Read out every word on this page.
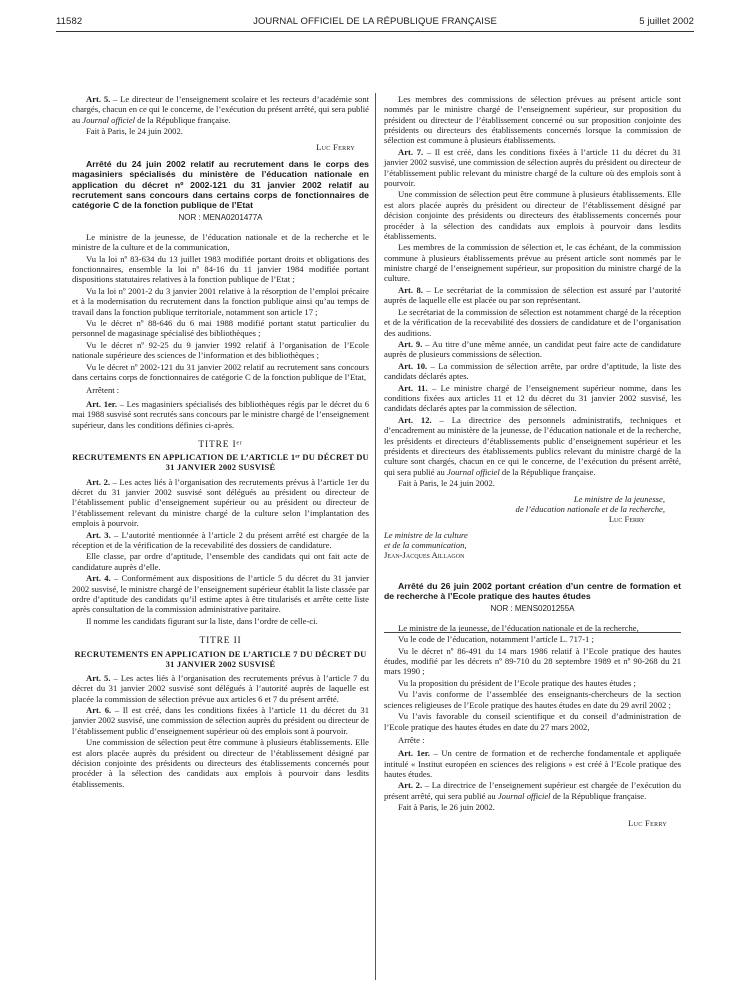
11582	JOURNAL OFFICIEL DE LA RÉPUBLIQUE FRANÇAISE	5 juillet 2002

Art. 5. – Le directeur de l’enseignement scolaire et les recteurs d’académie sont chargés, chacun en ce qui le concerne, de l’exécution du présent arrêté, qui sera publié au Journal officiel de la République française.

Fait à Paris, le 24 juin 2002.

Luc Ferry

Arrêté du 24 juin 2002 relatif au recrutement dans le corps des magasiniers spécialisés du ministère de l’éducation nationale en application du décret nº 2002-121 du 31 janvier 2002 relatif au recrutement sans concours dans certains corps de fonctionnaires de catégorie C de la fonction publique de l’Etat

NOR : MENA0201477A

Le ministre de la jeunesse, de l’éducation nationale et de la recherche et le ministre de la culture et de la communication,

Vu la loi nº 83-634 du 13 juillet 1983 modifiée portant droits et obligations des fonctionnaires, ensemble la loi nº 84-16 du 11 janvier 1984 modifiée portant dispositions statutaires relatives à la fonction publique de l’Etat ;

Vu la loi nº 2001-2 du 3 janvier 2001 relative à la résorption de l’emploi précaire et à la modernisation du recrutement dans la fonction publique ainsi qu’au temps de travail dans la fonction publique territoriale, notamment son article 17 ;

Vu le décret nº 88-646 du 6 mai 1988 modifié portant statut particulier du personnel de magasinage spécialisé des bibliothèques ;

Vu le décret nº 92-25 du 9 janvier 1992 relatif à l’organisation de l’Ecole nationale supérieure des sciences de l’information et des bibliothèques ;

Vu le décret nº 2002-121 du 31 janvier 2002 relatif au recrutement sans concours dans certains corps de fonctionnaires de catégorie C de la fonction publique de l’Etat,

Arrêtent :

Art. 1er. – Les magasiniers spécialisés des bibliothèques régis par le décret du 6 mai 1988 susvisé sont recrutés sans concours par le ministre chargé de l’enseignement supérieur, dans les conditions définies ci-après.

TITRE Iᵉʳ

RECRUTEMENTS EN APPLICATION DE L’ARTICLE 1ᵉʳ DU DÉCRET DU 31 JANVIER 2002 SUSVISÉ

Art. 2. – Les actes liés à l’organisation des recrutements prévus à l’article 1er du décret du 31 janvier 2002 susvisé sont délégués au président ou directeur de l’établissement public d’enseignement supérieur ou au président ou directeur de l’établissement relevant du ministre chargé de la culture selon l’implantation des emplois à pourvoir.

Art. 3. – L’autorité mentionnée à l’article 2 du présent arrêté est chargée de la réception et de la vérification de la recevabilité des dossiers de candidature.

Elle classe, par ordre d’aptitude, l’ensemble des candidats qui ont fait acte de candidature auprès d’elle.

Art. 4. – Conformément aux dispositions de l’article 5 du décret du 31 janvier 2002 susvisé, le ministre chargé de l’enseignement supérieur établit la liste classée par ordre d’aptitude des candidats qu’il estime aptes à être titularisés et arrête cette liste après consultation de la commission administrative paritaire.

Il nomme les candidats figurant sur la liste, dans l’ordre de celle-ci.

TITRE II

RECRUTEMENTS EN APPLICATION DE L’ARTICLE 7 DU DÉCRET DU 31 JANVIER 2002 SUSVISÉ

Art. 5. – Les actes liés à l’organisation des recrutements prévus à l’article 7 du décret du 31 janvier 2002 susvisé sont délégués à l’autorité auprès de laquelle est placée la commission de sélection prévue aux articles 6 et 7 du présent arrêté.

Art. 6. – Il est créé, dans les conditions fixées à l’article 11 du décret du 31 janvier 2002 susvisé, une commission de sélection auprès du président ou directeur de l’établissement public d’enseignement supérieur où des emplois sont à pourvoir.

Une commission de sélection peut être commune à plusieurs établissements. Elle est alors placée auprès du président ou directeur de l’établissement désigné par décision conjointe des présidents ou directeurs des établissements concernés pour procéder à la sélection des candidats aux emplois à pourvoir dans lesdits établissements.

Les membres des commissions de sélection prévues au présent article sont nommés par le ministre chargé de l’enseignement supérieur, sur proposition du président ou directeur de l’établissement concerné ou sur proposition conjointe des présidents ou directeurs des établissements concernés lorsque la commission de sélection est commune à plusieurs établissements.

Art. 7. – Il est créé, dans les conditions fixées à l’article 11 du décret du 31 janvier 2002 susvisé, une commission de sélection auprès du président ou directeur de l’établissement public relevant du ministre chargé de la culture où des emplois sont à pourvoir.

Une commission de sélection peut être commune à plusieurs établissements. Elle est alors placée auprès du président ou directeur de l’établissement désigné par décision conjointe des présidents ou directeurs des établissements concernés pour procéder à la sélection des candidats aux emplois à pourvoir dans lesdits établissements.

Les membres de la commission de sélection et, le cas échéant, de la commission commune à plusieurs établissements prévue au présent article sont nommés par le ministre chargé de l’enseignement supérieur, sur proposition du ministre chargé de la culture.

Art. 8. – Le secrétariat de la commission de sélection est assuré par l’autorité auprès de laquelle elle est placée ou par son représentant.

Le secrétariat de la commission de sélection est notamment chargé de la réception et de la vérification de la recevabilité des dossiers de candidature et de l’organisation des auditions.

Art. 9. – Au titre d’une même année, un candidat peut faire acte de candidature auprès de plusieurs commissions de sélection.

Art. 10. – La commission de sélection arrête, par ordre d’aptitude, la liste des candidats déclarés aptes.

Art. 11. – Le ministre chargé de l’enseignement supérieur nomme, dans les conditions fixées aux articles 11 et 12 du décret du 31 janvier 2002 susvisé, les candidats déclarés aptes par la commission de sélection.

Art. 12. – La directrice des personnels administratifs, techniques et d’encadrement au ministère de la jeunesse, de l’éducation nationale et de la recherche, les présidents et directeurs d’établissements public d’enseignement supérieur et les présidents et directeurs des établissements publics relevant du ministre chargé de la culture sont chargés, chacun en ce qui le concerne, de l’exécution du présent arrêté, qui sera publié au Journal officiel de la République française.

Fait à Paris, le 24 juin 2002.

Le ministre de la jeunesse,
de l’éducation nationale et de la recherche,
Luc Ferry
Le ministre de la culture
et de la communication,
Jean-Jacques Aillagon
Arrêté du 26 juin 2002 portant création d’un centre de formation et de recherche à l’Ecole pratique des hautes études

NOR : MENS0201255A

Le ministre de la jeunesse, de l’éducation nationale et de la recherche,

Vu le code de l’éducation, notamment l’article L. 717-1 ;

Vu le décret nº 86-491 du 14 mars 1986 relatif à l’Ecole pratique des hautes études, modifié par les décrets nº 89-710 du 28 septembre 1989 et nº 90-268 du 21 mars 1990 ;

Vu la proposition du président de l’Ecole pratique des hautes études ;

Vu l’avis conforme de l’assemblée des enseignants-chercheurs de la section sciences religieuses de l’Ecole pratique des hautes études en date du 29 avril 2002 ;

Vu l’avis favorable du conseil scientifique et du conseil d’administration de l’Ecole pratique des hautes études en date du 27 mars 2002,

Arrête :

Art. 1er. – Un centre de formation et de recherche fondamentale et appliquée intitulé « Institut européen en sciences des religions » est créé à l’Ecole pratique des hautes études.

Art. 2. – La directrice de l’enseignement supérieur est chargée de l’exécution du présent arrêté, qui sera publié au Journal officiel de la République française.

Fait à Paris, le 26 juin 2002.

Luc Ferry
